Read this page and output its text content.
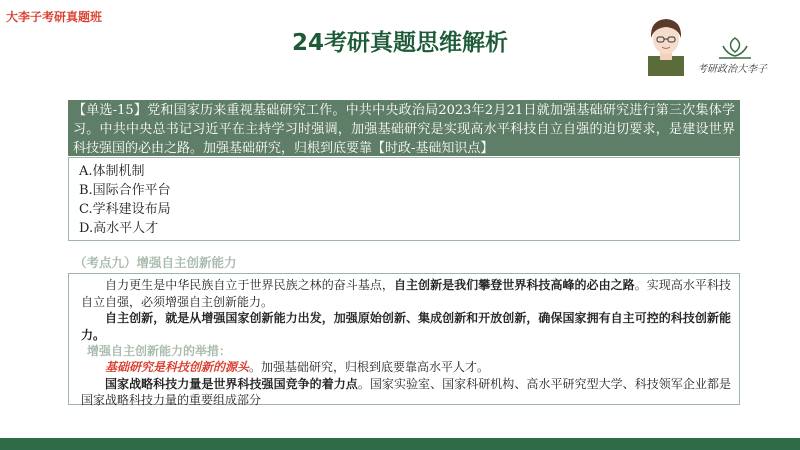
大李子考研真题班
24考研真题思维解析
考研政治大李子
【单选-15】党和国家历来重视基础研究工作。中共中央政治局2023年2月21日就加强基础研究进行第三次集体学习。中共中央总书记习近平在主持学习时强调，加强基础研究是实现高水平科技自立自强的迫切要求，是建设世界科技强国的必由之路。加强基础研究，归根到底要靠【时政-基础知识点】
A.体制机制
B.国际合作平台
C.学科建设布局
D.高水平人才
（考点九）增强自主创新能力
自力更生是中华民族自立于世界民族之林的奋斗基点，自主创新是我们攀登世界科技高峰的必由之路。实现高水平科技自立自强，必须增强自主创新能力。
自主创新，就是从增强国家创新能力出发，加强原始创新、集成创新和开放创新，确保国家拥有自主可控的科技创新能力。
增强自主创新能力的举措：
基础研究是科技创新的源头。加强基础研究，归根到底要靠高水平人才。
国家战略科技力量是世界科技强国竞争的着力点。国家实验室、国家科研机构、高水平研究型大学、科技领军企业都是国家战略科技力量的重要组成部分
